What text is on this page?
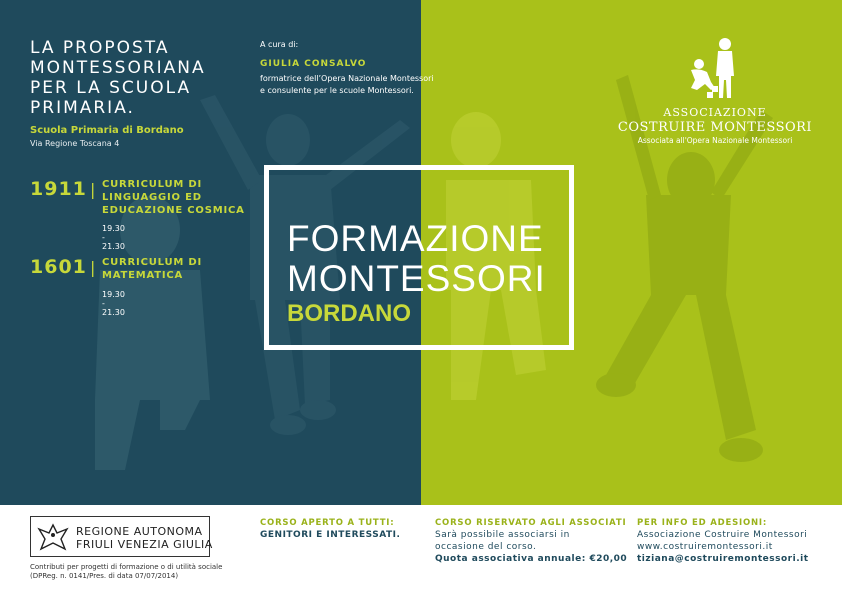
LA PROPOSTA
MONTESSORIANA
PER LA SCUOLA
PRIMARIA.
Scuola Primaria di Bordano
Via Regione Toscana 4
1911 | CURRICULUM DI
LINGUAGGIO ED
EDUCAZIONE COSMICA
19.30 - 21.30
1601 | CURRICULUM DI
MATEMATICA
19.30 - 21.30
A cura di:
GIULIA CONSALVO
formatrice dell’Opera Nazionale Montessori
e consulente per le scuole Montessori.
FORMAZIONE
MONTESSORI
BORDANO
ASSOCIAZIONE
COSTRUIRE MONTESSORI
Associata all'Opera Nazionale Montessori
REGIONE AUTONOMA
FRIULI VENEZIA GIULIA
Contributi per progetti di formazione o di utilità sociale
(DPReg. n. 0141/Pres. di data 07/07/2014)
CORSO APERTO A TUTTI:
GENITORI E INTERESSATI.
CORSO RISERVATO AGLI ASSOCIATI
Sarà possibile associarsi in
occasione del corso.
Quota associativa annuale: €20,00
PER INFO ED ADESIONI:
Associazione Costruire Montessori
www.costruiremontessori.it
tiziana@costruiremontessori.it
